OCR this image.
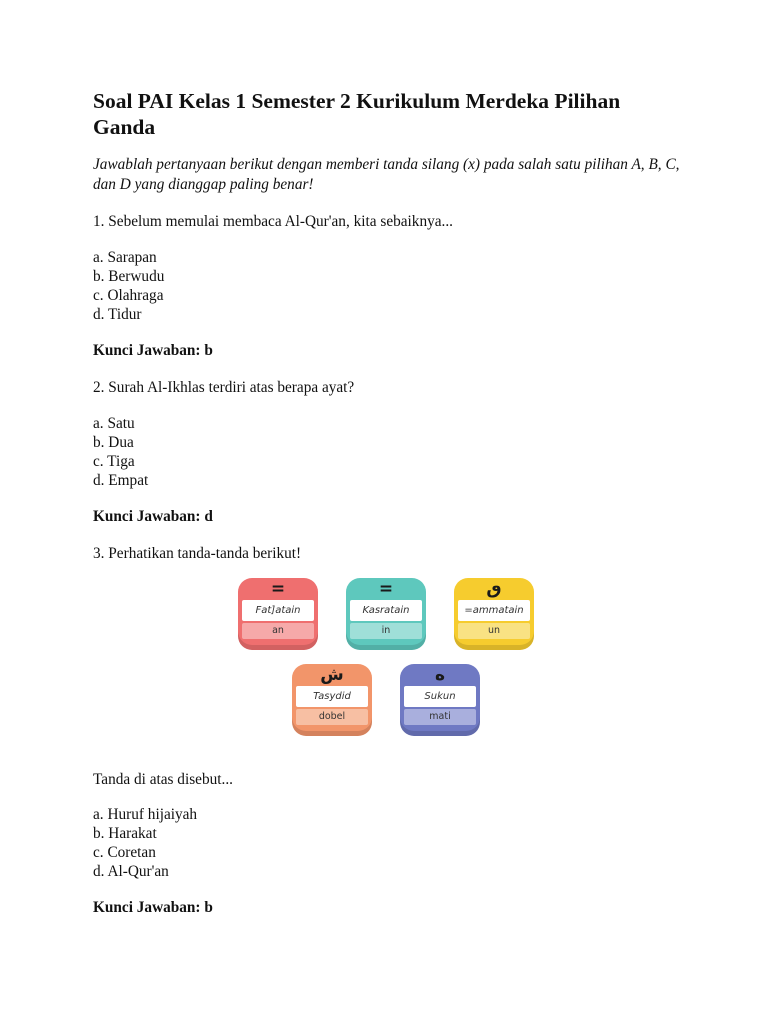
Soal PAI Kelas 1 Semester 2 Kurikulum Merdeka Pilihan Ganda

Jawablah pertanyaan berikut dengan memberi tanda silang (x) pada salah satu pilihan A, B, C, dan D yang dianggap paling benar!

1. Sebelum memulai membaca Al-Qur'an, kita sebaiknya...

a. Sarapan
b. Berwudu
c. Olahraga
d. Tidur

Kunci Jawaban: b

2. Surah Al-Ikhlas terdiri atas berapa ayat?

a. Satu
b. Dua
c. Tiga
d. Empat

Kunci Jawaban: d

3. Perhatikan tanda-tanda berikut!

=
Fat]atain
an
=
Kasratain
in
ٯ
=ammatain
un
ﺵ
Tasydid
dobel
ه
Sukun
mati

Tanda di atas disebut...

a. Huruf hijaiyah
b. Harakat
c. Coretan
d. Al-Qur'an

Kunci Jawaban: b
